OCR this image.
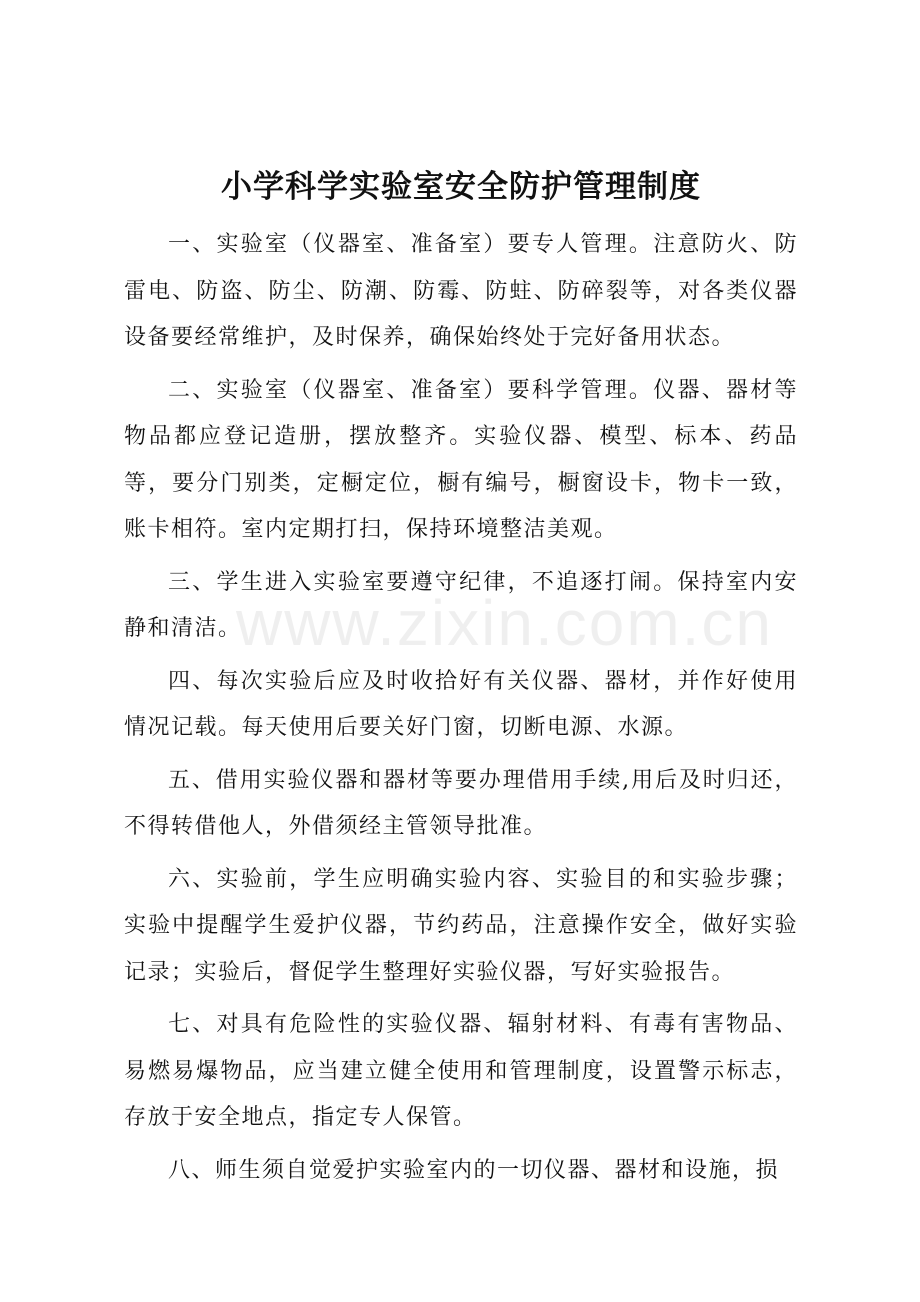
小学科学实验室安全防护管理制度

一、实验室（仪器室、准备室）要专人管理。注意防火、防雷电、防盗、防尘、防潮、防霉、防蛀、防碎裂等，对各类仪器设备要经常维护，及时保养，确保始终处于完好备用状态。

二、实验室（仪器室、准备室）要科学管理。仪器、器材等物品都应登记造册，摆放整齐。实验仪器、模型、标本、药品等，要分门别类，定橱定位，橱有编号，橱窗设卡，物卡一致，账卡相符。室内定期打扫，保持环境整洁美观。

三、学生进入实验室要遵守纪律，不追逐打闹。保持室内安静和清洁。

四、每次实验后应及时收拾好有关仪器、器材，并作好使用情况记载。每天使用后要关好门窗，切断电源、水源。

五、借用实验仪器和器材等要办理借用手续,用后及时归还，不得转借他人，外借须经主管领导批准。

六、实验前，学生应明确实验内容、实验目的和实验步骤；实验中提醒学生爱护仪器，节约药品，注意操作安全，做好实验记录；实验后，督促学生整理好实验仪器，写好实验报告。

七、对具有危险性的实验仪器、辐射材料、有毒有害物品、易燃易爆物品，应当建立健全使用和管理制度，设置警示标志，存放于安全地点，指定专人保管。

八、师生须自觉爱护实验室内的一切仪器、器材和设施，损

www.zixin.com.cn
